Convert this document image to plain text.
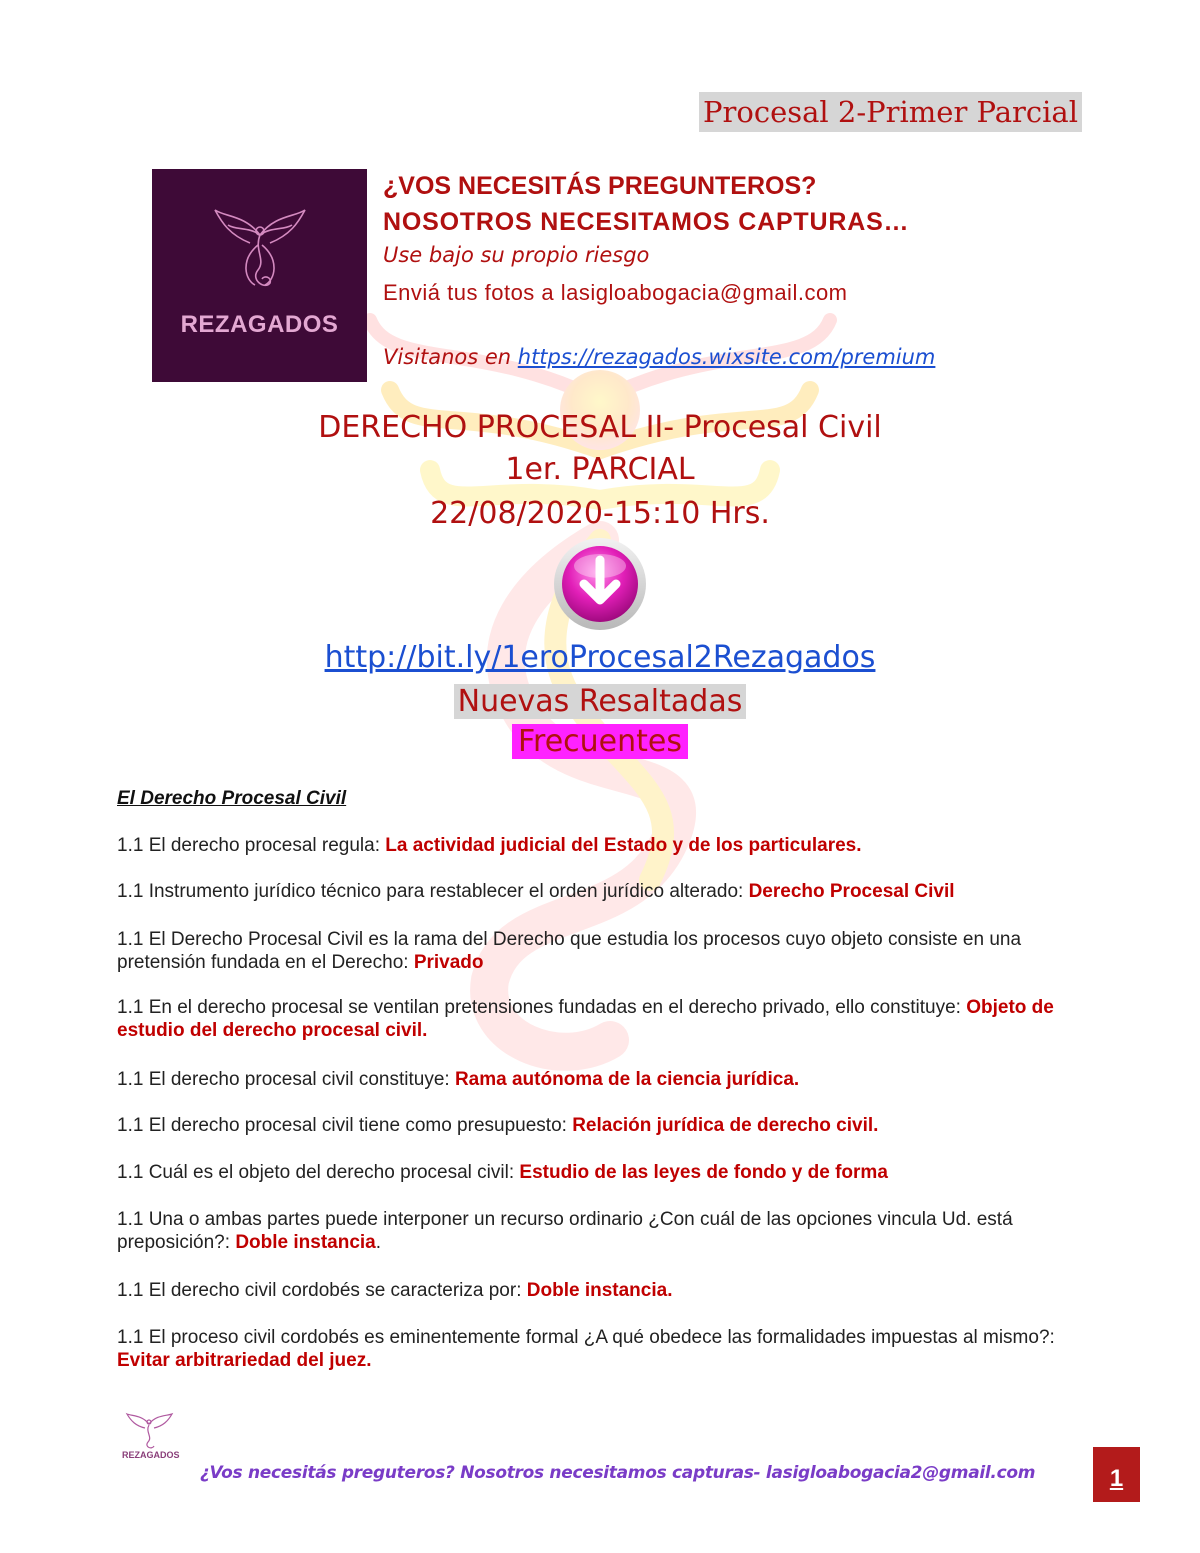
Procesal 2-Primer Parcial
REZAGADOS
¿VOS NECESITÁS PREGUNTEROS?
NOSOTROS NECESITAMOS CAPTURAS…
Use bajo su propio riesgo
Enviá tus fotos a lasigloabogacia@gmail.com
Visitanos en https://rezagados.wixsite.com/premium
DERECHO PROCESAL II- Procesal Civil
1er. PARCIAL
22/08/2020-15:10 Hrs.
http://bit.ly/1eroProcesal2Rezagados
Nuevas Resaltadas
Frecuentes
El Derecho Procesal Civil
1.1 El derecho procesal regula: La actividad judicial del Estado y de los particulares.
1.1 Instrumento jurídico técnico para restablecer el orden jurídico alterado: Derecho Procesal Civil
1.1 El Derecho Procesal Civil es la rama del Derecho que estudia los procesos cuyo objeto consiste en una pretensión fundada en el Derecho: Privado
1.1 En el derecho procesal se ventilan pretensiones fundadas en el derecho privado, ello constituye: Objeto de estudio del derecho procesal civil.
1.1 El derecho procesal civil constituye: Rama autónoma de la ciencia jurídica.
1.1 El derecho procesal civil tiene como presupuesto: Relación jurídica de derecho civil.
1.1 Cuál es el objeto del derecho procesal civil: Estudio de las leyes de fondo y de forma
1.1 Una o ambas partes puede interponer un recurso ordinario ¿Con cuál de las opciones vincula Ud. está preposición?: Doble instancia.
1.1 El derecho civil cordobés se caracteriza por: Doble instancia.
1.1 El proceso civil cordobés es eminentemente formal ¿A qué obedece las formalidades impuestas al mismo?: Evitar arbitrariedad del juez.
REZAGADOS
¿Vos necesitás preguteros? Nosotros necesitamos capturas- lasigloabogacia2@gmail.com	1
